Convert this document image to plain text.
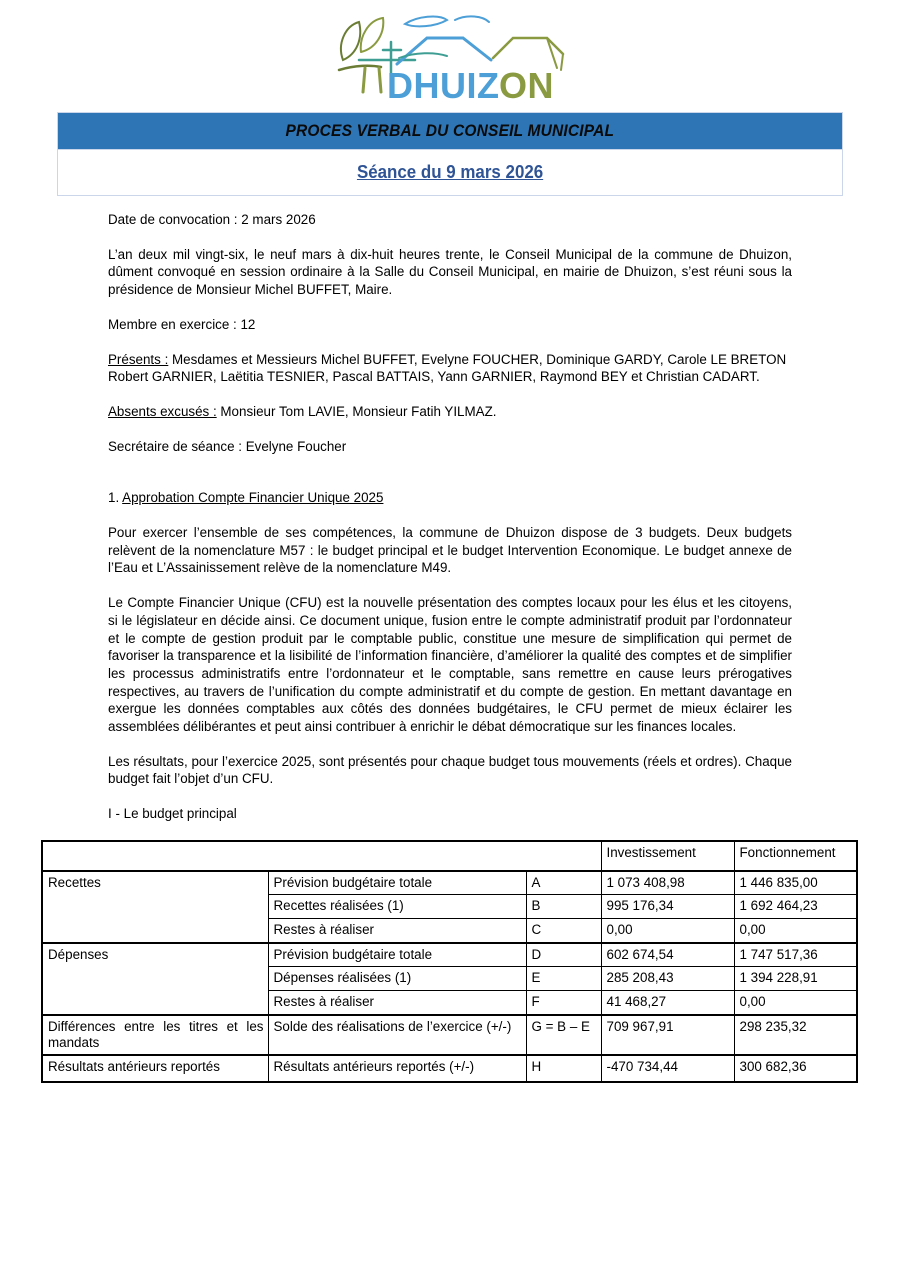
DHUIZ ON
PROCES VERBAL DU CONSEIL MUNICIPAL
Séance du 9 mars 2026

Date de convocation : 2 mars 2026

L’an deux mil vingt-six, le neuf mars à dix-huit heures trente, le Conseil Municipal de la commune de Dhuizon, dûment convoqué en session ordinaire à la Salle du Conseil Municipal, en mairie de Dhuizon, s’est réuni sous la présidence de Monsieur Michel BUFFET, Maire.

Membre en exercice : 12

Présents : Mesdames et Messieurs Michel BUFFET, Evelyne FOUCHER, Dominique GARDY, Carole LE BRETON
Robert GARNIER, Laëtitia TESNIER, Pascal BATTAIS, Yann GARNIER, Raymond BEY et Christian CADART.

Absents excusés : Monsieur Tom LAVIE, Monsieur Fatih YILMAZ.

Secrétaire de séance : Evelyne Foucher

1. Approbation Compte Financier Unique 2025

Pour exercer l’ensemble de ses compétences, la commune de Dhuizon dispose de 3 budgets. Deux budgets relèvent de la nomenclature M57 : le budget principal et le budget Intervention Economique. Le budget annexe de l’Eau et L’Assainissement relève de la nomenclature M49.

Le Compte Financier Unique (CFU) est la nouvelle présentation des comptes locaux pour les élus et les citoyens, si le législateur en décide ainsi. Ce document unique, fusion entre le compte administratif produit par l’ordonnateur et le compte de gestion produit par le comptable public, constitue une mesure de simplification qui permet de favoriser la transparence et la lisibilité de l’information financière, d’améliorer la qualité des comptes et de simplifier les processus administratifs entre l’ordonnateur et le comptable, sans remettre en cause leurs prérogatives respectives, au travers de l’unification du compte administratif et du compte de gestion. En mettant davantage en exergue les données comptables aux côtés des données budgétaires, le CFU permet de mieux éclairer les assemblées délibérantes et peut ainsi contribuer à enrichir le débat démocratique sur les finances locales.

Les résultats, pour l’exercice 2025, sont présentés pour chaque budget tous mouvements (réels et ordres). Chaque budget fait l’objet d’un CFU.

I - Le budget principal

			Investissement	Fonctionnement
Recettes	Prévision budgétaire totale	A	1 073 408,98	1 446 835,00
	Recettes réalisées (1)	B	995 176,34	1 692 464,23
	Restes à réaliser	C	0,00	0,00
Dépenses	Prévision budgétaire totale	D	602 674,54	1 747 517,36
	Dépenses réalisées (1)	E	285 208,43	1 394 228,91
	Restes à réaliser	F	41 468,27	0,00
Différences entre les titres et les mandats	Solde des réalisations de l’exercice (+/-)	G = B – E	709 967,91	298 235,32
Résultats antérieurs reportés	Résultats antérieurs reportés (+/-)	H	-470 734,44	300 682,36
